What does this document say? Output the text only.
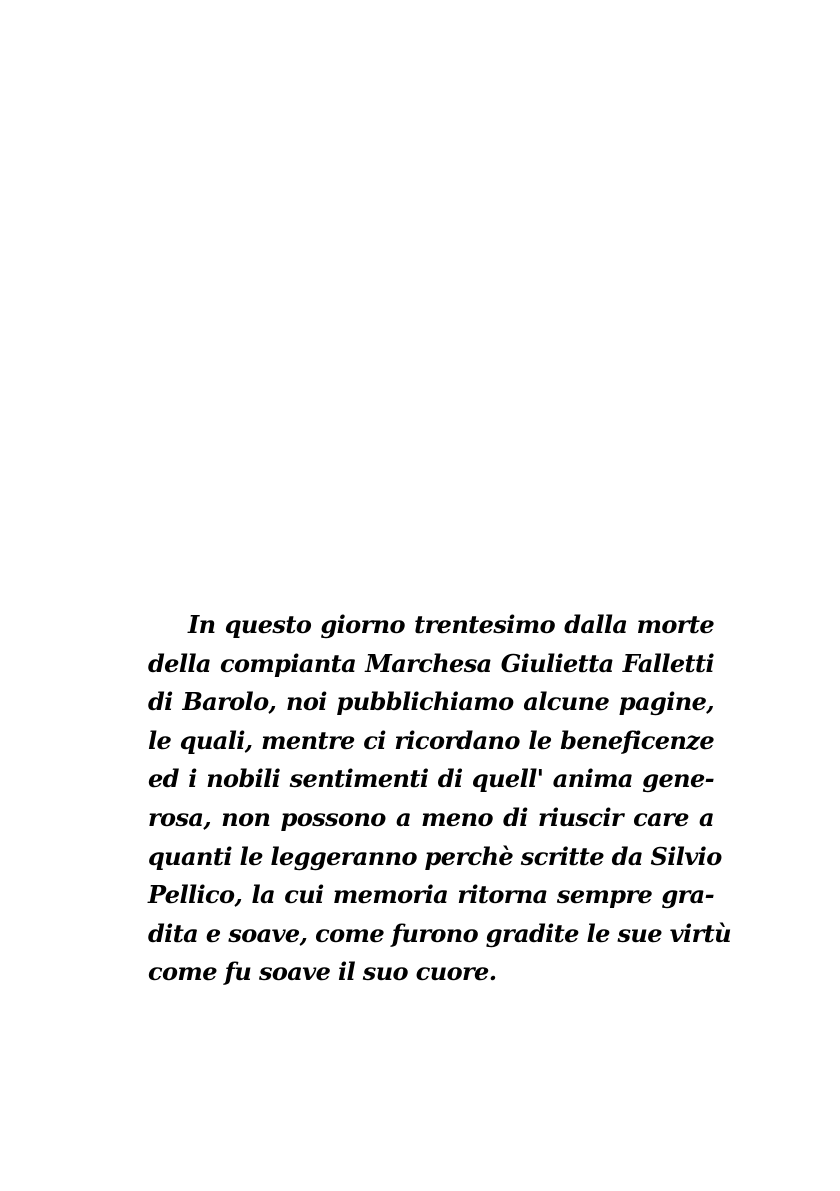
In questo giorno trentesimo dalla morte
della compianta Marchesa Giulietta Falletti
di Barolo, noi pubblichiamo alcune pagine,
le quali, mentre ci ricordano le beneficenze
ed i nobili sentimenti di quell' anima gene-
rosa, non possono a meno di riuscir care a
quanti le leggeranno perchè scritte da Silvio
Pellico, la cui memoria ritorna sempre gra-
dita e soave, come furono gradite le sue virtù
come fu soave il suo cuore.
